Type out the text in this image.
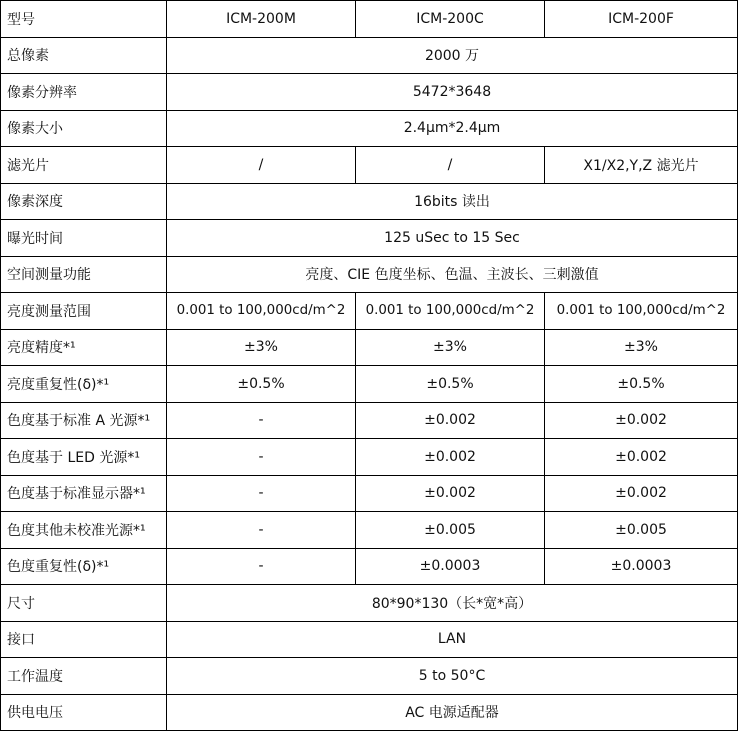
型号	ICM-200M	ICM-200C	ICM-200F
总像素	2000 万		
像素分辨率	5472*3648		
像素大小	2.4μm*2.4μm		
滤光片	/	/	X1/X2,Y,Z 滤光片
像素深度	16bits 读出		
曝光时间	125 uSec to 15 Sec		
空间测量功能	亮度、CIE 色度坐标、色温、主波长、三刺激值		
亮度测量范围	0.001 to 100,000cd/m^2	0.001 to 100,000cd/m^2	0.001 to 100,000cd/m^2
亮度精度*¹	±3%	±3%	±3%
亮度重复性(δ)*¹	±0.5%	±0.5%	±0.5%
色度基于标准 A 光源*¹	-	±0.002	±0.002
色度基于 LED 光源*¹	-	±0.002	±0.002
色度基于标准显示器*¹	-	±0.002	±0.002
色度其他未校准光源*¹	-	±0.005	±0.005
色度重复性(δ)*¹	-	±0.0003	±0.0003
尺寸	80*90*130（长*宽*高）		
接口	LAN		
工作温度	5 to 50°C		
供电电压	AC 电源适配器		
